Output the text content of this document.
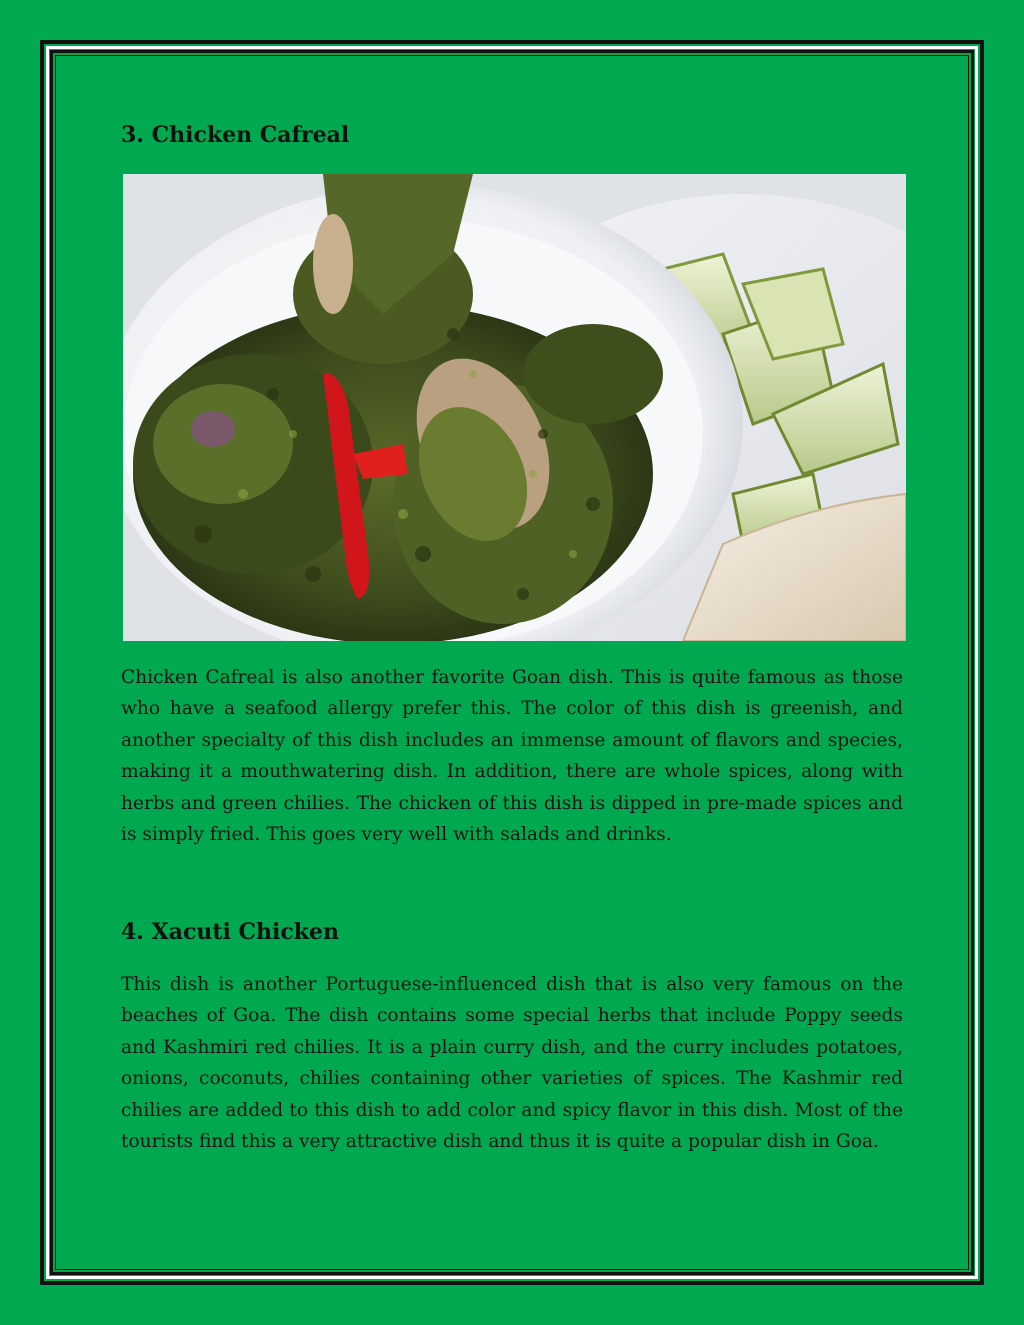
3. Chicken Cafreal

Chicken Cafreal is also another favorite Goan dish. This is quite famous as those who have a seafood allergy prefer this. The color of this dish is greenish, and another specialty of this dish includes an immense amount of flavors and species, making it a mouthwatering dish. In addition, there are whole spices, along with herbs and green chilies. The chicken of this dish is dipped in pre-made spices and is simply fried. This goes very well with salads and drinks.

4. Xacuti Chicken

This dish is another Portuguese-influenced dish that is also very famous on the beaches of Goa. The dish contains some special herbs that include Poppy seeds and Kashmiri red chilies. It is a plain curry dish, and the curry includes potatoes, onions, coconuts, chilies containing other varieties of spices. The Kashmir red chilies are added to this dish to add color and spicy flavor in this dish. Most of the tourists find this a very attractive dish and thus it is quite a popular dish in Goa.
